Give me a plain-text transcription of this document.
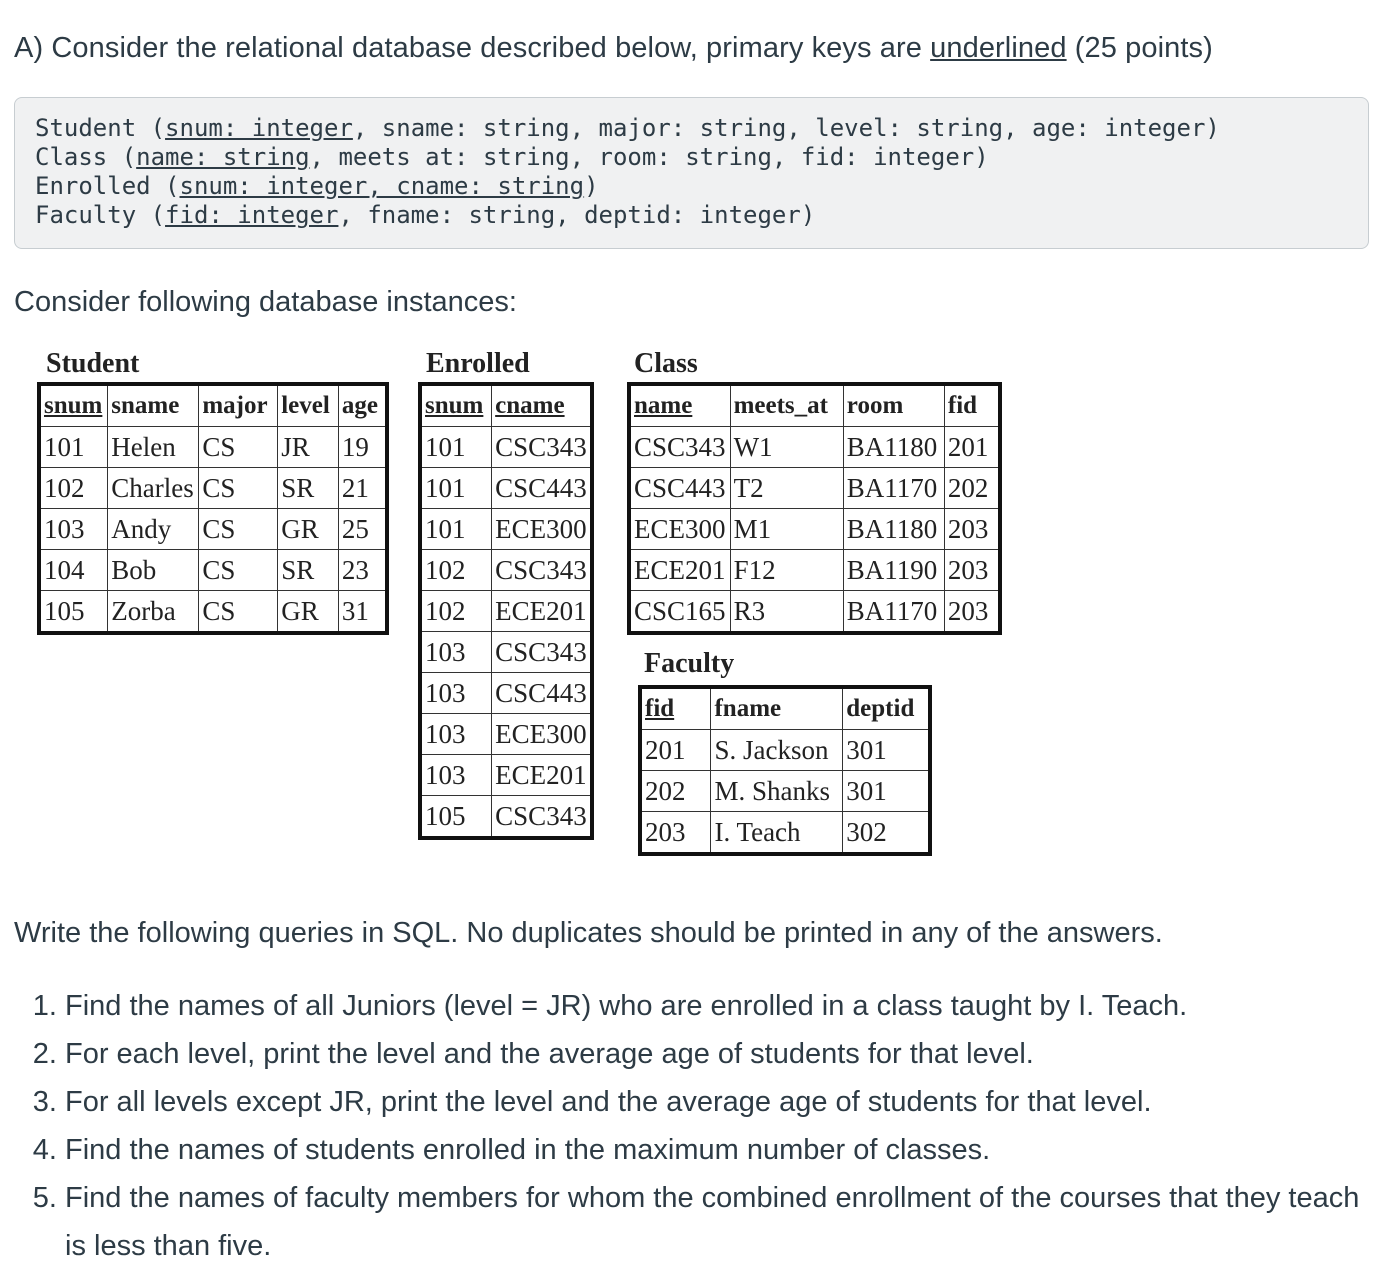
A) Consider the relational database described below, primary keys are underlined (25 points)
Student (snum: integer, sname: string, major: string, level: string, age: integer)
Class (name: string, meets at: string, room: string, fid: integer)
Enrolled (snum: integer, cname: string)
Faculty (fid: integer, fname: string, deptid: integer)
Consider following database instances:
Student
snum	sname	major	level	age
101	Helen	CS	JR	19
102	Charles	CS	SR	21
103	Andy	CS	GR	25
104	Bob	CS	SR	23
105	Zorba	CS	GR	31
Enrolled
snum	cname
101	CSC343
101	CSC443
101	ECE300
102	CSC343
102	ECE201
103	CSC343
103	CSC443
103	ECE300
103	ECE201
105	CSC343
Class
name	meets_at	room	fid
CSC343	W1	BA1180	201
CSC443	T2	BA1170	202
ECE300	M1	BA1180	203
ECE201	F12	BA1190	203
CSC165	R3	BA1170	203
Faculty
fid	fname	deptid
201	S. Jackson	301
202	M. Shanks	301
203	I. Teach	302
Write the following queries in SQL. No duplicates should be printed in any of the answers.
1. Find the names of all Juniors (level = JR) who are enrolled in a class taught by I. Teach.
2. For each level, print the level and the average age of students for that level.
3. For all levels except JR, print the level and the average age of students for that level.
4. Find the names of students enrolled in the maximum number of classes.
5. Find the names of faculty members for whom the combined enrollment of the courses that they teach is less than five.
